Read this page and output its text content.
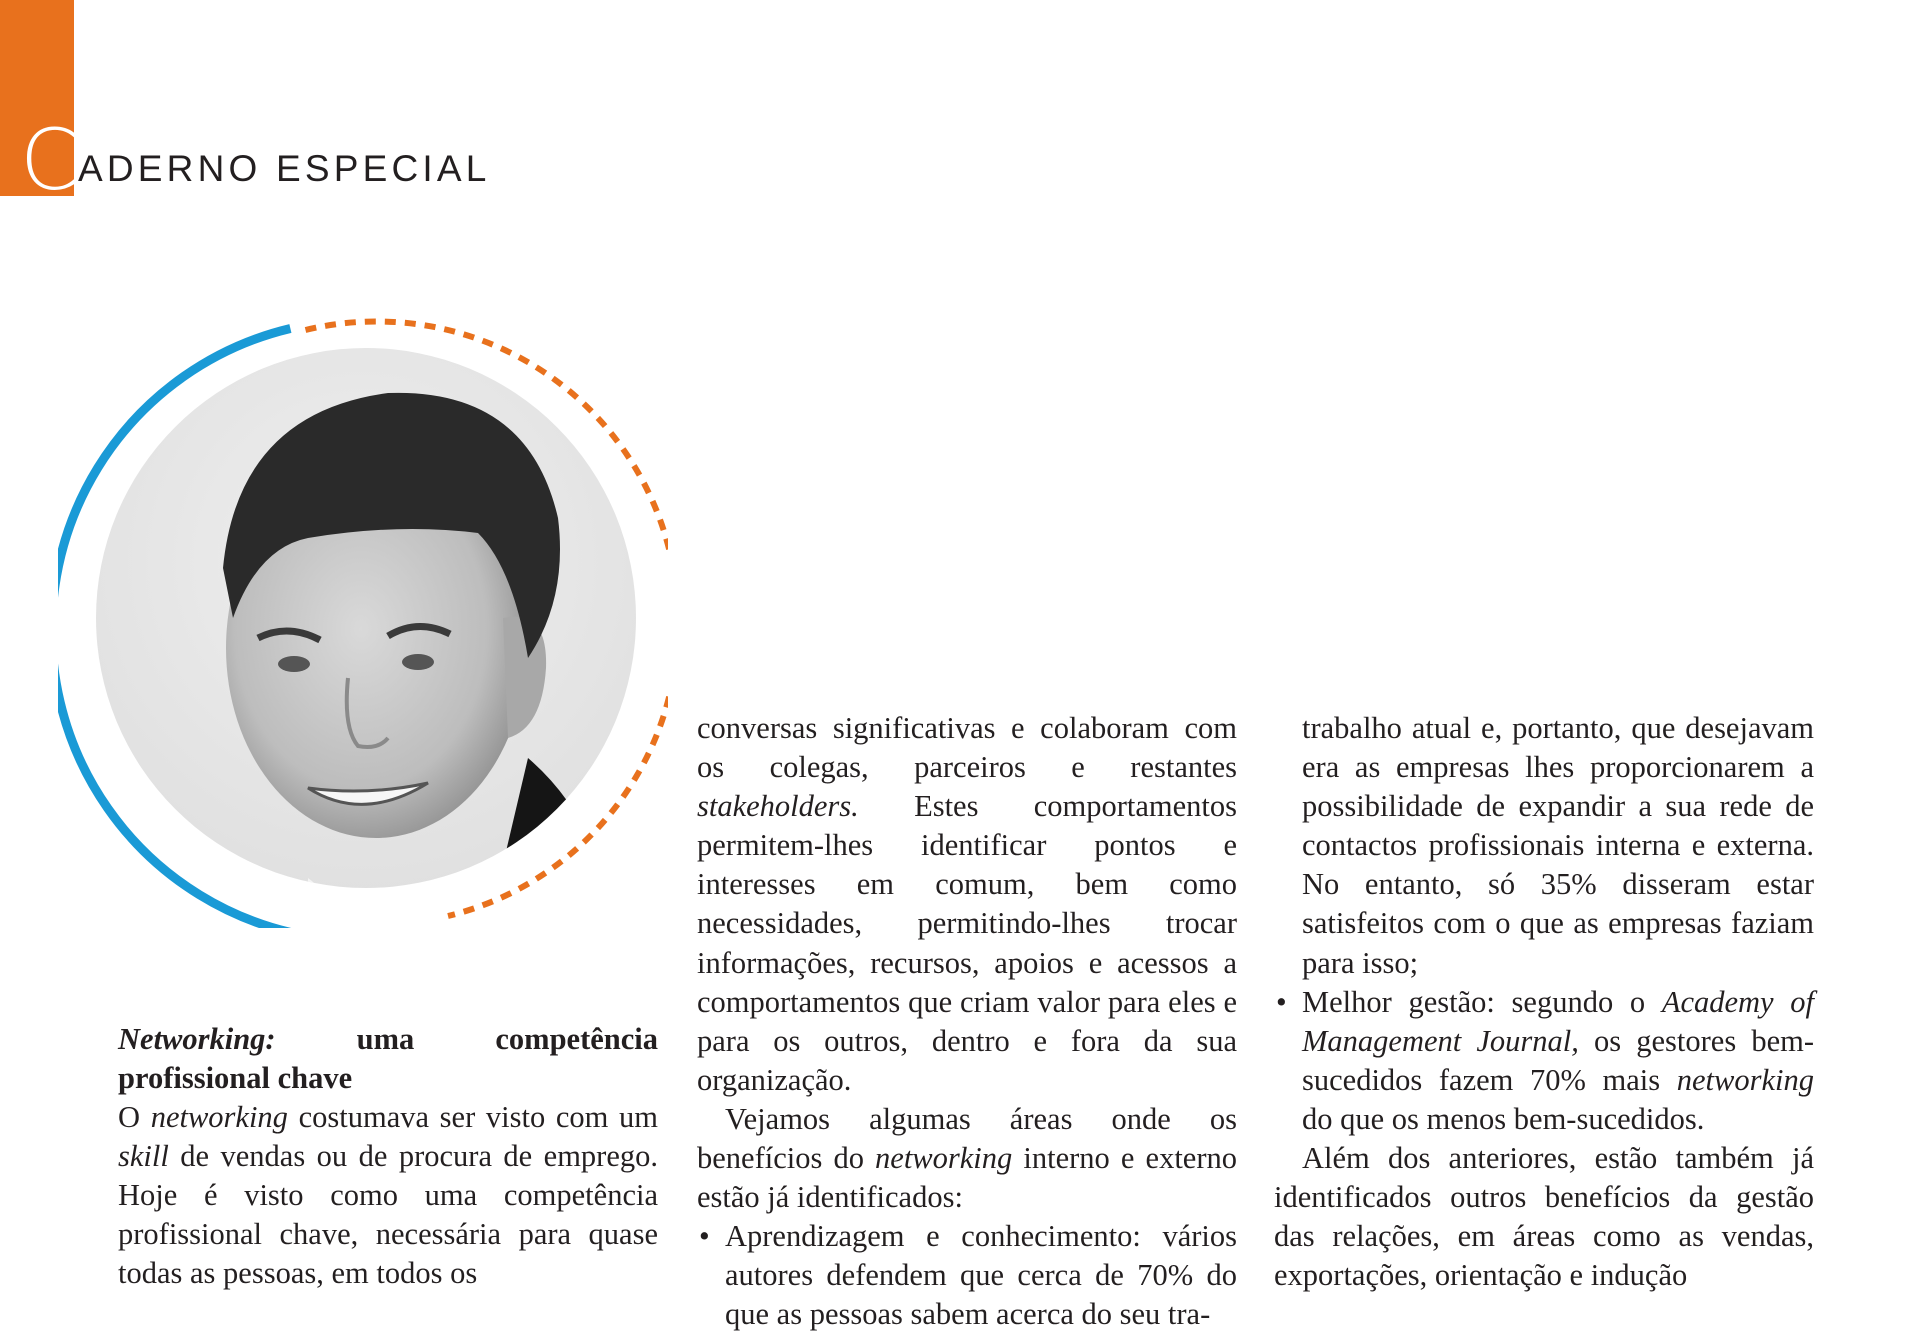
C ADERNO ESPECIAL

Networking: uma competência profissional chave

O networking costumava ser visto com um skill de vendas ou de procura de emprego. Hoje é visto como uma competência profissional chave, necessária para quase todas as pessoas, em todos os

conversas significativas e colaboram com os colegas, parceiros e restantes stakeholders. Estes comportamentos permitem-lhes identificar pontos e interesses em comum, bem como necessidades, permitindo-lhes trocar informações, recursos, apoios e acessos a comportamentos que criam valor para eles e para os outros, dentro e fora da sua organização.

Vejamos algumas áreas onde os benefícios do networking interno e externo estão já identificados:

• Aprendizagem e conhecimento: vários autores defendem que cerca de 70% do que as pessoas sabem acerca do seu tra-

trabalho atual e, portanto, que desejavam era as empresas lhes proporcionarem a possibilidade de expandir a sua rede de contactos profissionais interna e externa. No entanto, só 35% disseram estar satisfeitos com o que as empresas faziam para isso;

• Melhor gestão: segundo o Academy of Management Journal, os gestores bem-sucedidos fazem 70% mais networking do que os menos bem-sucedidos.

Além dos anteriores, estão também já identificados outros benefícios da gestão das relações, em áreas como as vendas, exportações, orientação e indução
